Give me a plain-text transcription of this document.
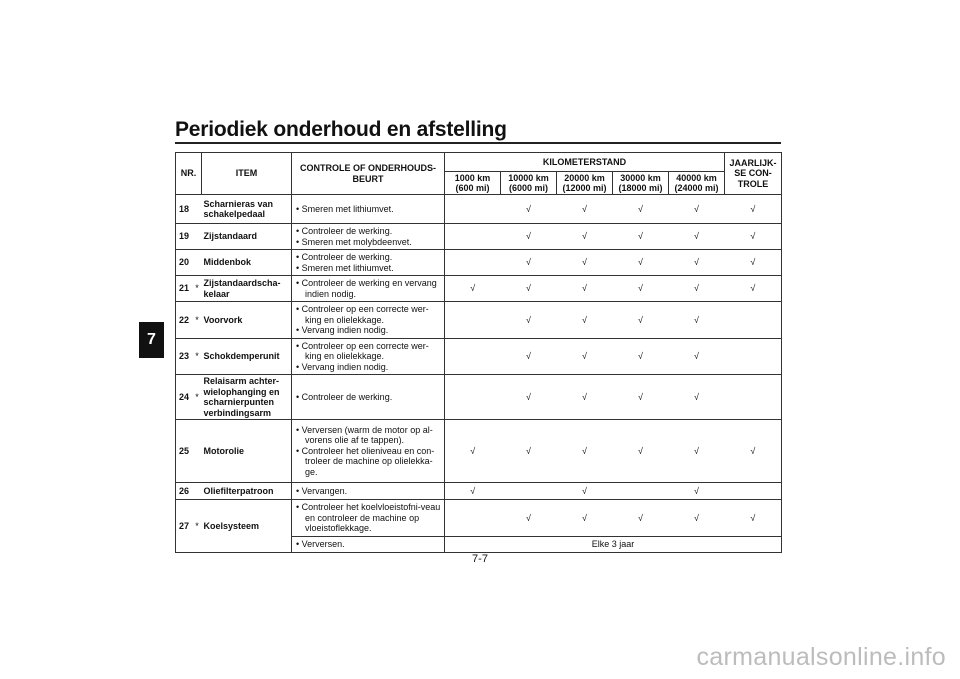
Periodiek onderhoud en afstelling
7
NR.		ITEM	CONTROLE OF ONDERHOUDS-BEURT	KILOMETERSTAND					JAARLIJK-SE CON-TROLE
				1000 km (600 mi)	10000 km (6000 mi)	20000 km (12000 mi)	30000 km (18000 mi)	40000 km (24000 mi)	
18		Scharnieras van schakelpedaal	• Smeren met lithiumvet.		√	√	√	√	√
19		Zijstandaard	• Controleer de werking.
• Smeren met molybdeenvet.		√	√	√	√	√
20		Middenbok	• Controleer de werking.
• Smeren met lithiumvet.		√	√	√	√	√
21	*	Zijstandaardscha-kelaar	• Controleer de werking en vervang indien nodig.	√	√	√	√	√	√
22	*	Voorvork	• Controleer op een correcte wer-king en olielekkage.
• Vervang indien nodig.		√	√	√	√	
23	*	Schokdemperunit	• Controleer op een correcte wer-king en olielekkage.
• Vervang indien nodig.		√	√	√	√	
24	*	Relaisarm achter-wielophanging en scharnierpunten verbindingsarm	• Controleer de werking.		√	√	√	√	
25		Motorolie	• Verversen (warm de motor op al-vorens olie af te tappen).
• Controleer het olieniveau en con-troleer de machine op olielekka-ge.	√	√	√	√	√	√
26		Oliefilterpatroon	• Vervangen.	√		√		√	
27	*	Koelsysteem	• Controleer het koelvloeistofni-veau en controleer de machine op vloeistoflekkage.		√	√	√	√	√

			• Verversen.	Elke 3 jaar					
7-7
carmanualsonline.info
